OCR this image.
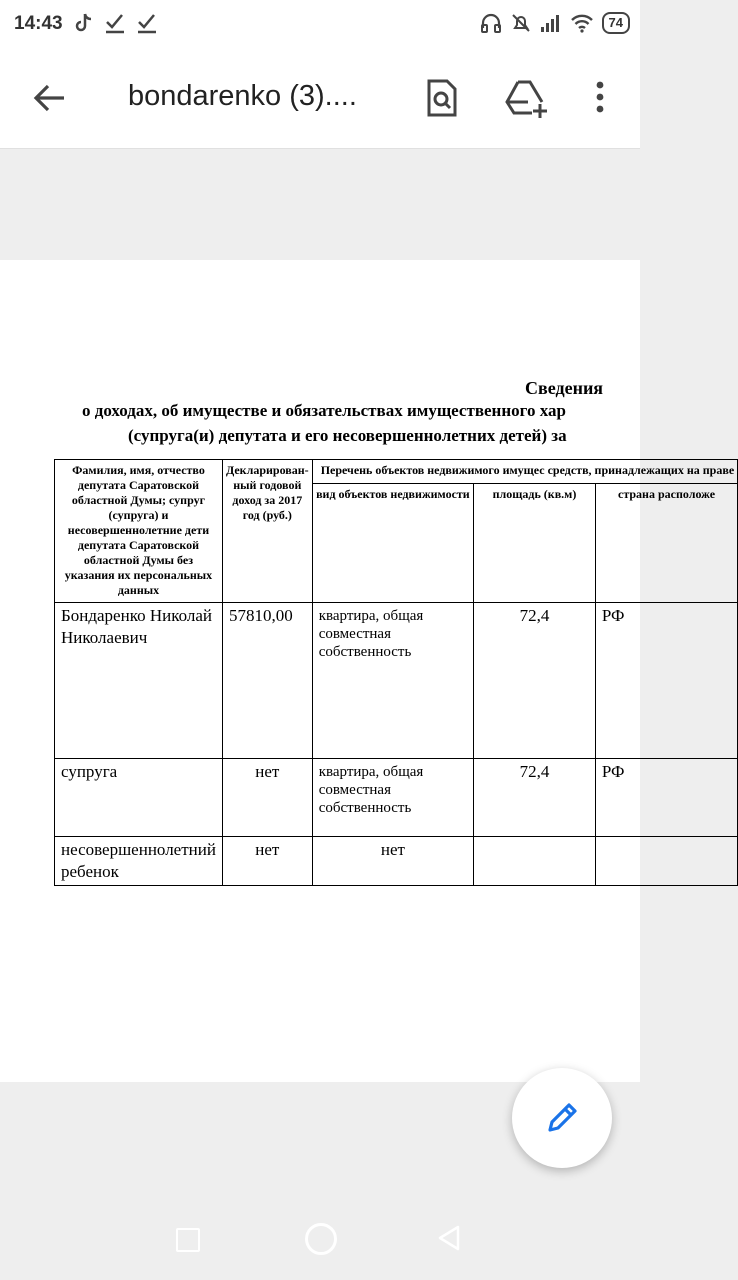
14:43	74
bondarenko (3)....
Сведения
о доходах, об имуществе и обязательствах имущественного хар
(супруга(и) депутата и его несовершеннолетних детей) за
Фамилия, имя, отчество депутата Саратовской областной Думы; супруг (супруга) и несовершеннолетние дети депутата Саратовской областной Думы без указания их персональных данных	Декларирован-ный годовой доход за 2017 год (руб.)	Перечень объектов недвижимого имущес средств, принадлежащих на праве		
		вид объектов недвижимости	площадь (кв.м)	страна расположе
Бондаренко Николай Николаевич	57810,00	квартира, общая совместная собственность	72,4	РФ
супруга	нет	квартира, общая совместная собственность	72,4	РФ
несовершеннолетний ребенок	нет	нет		
